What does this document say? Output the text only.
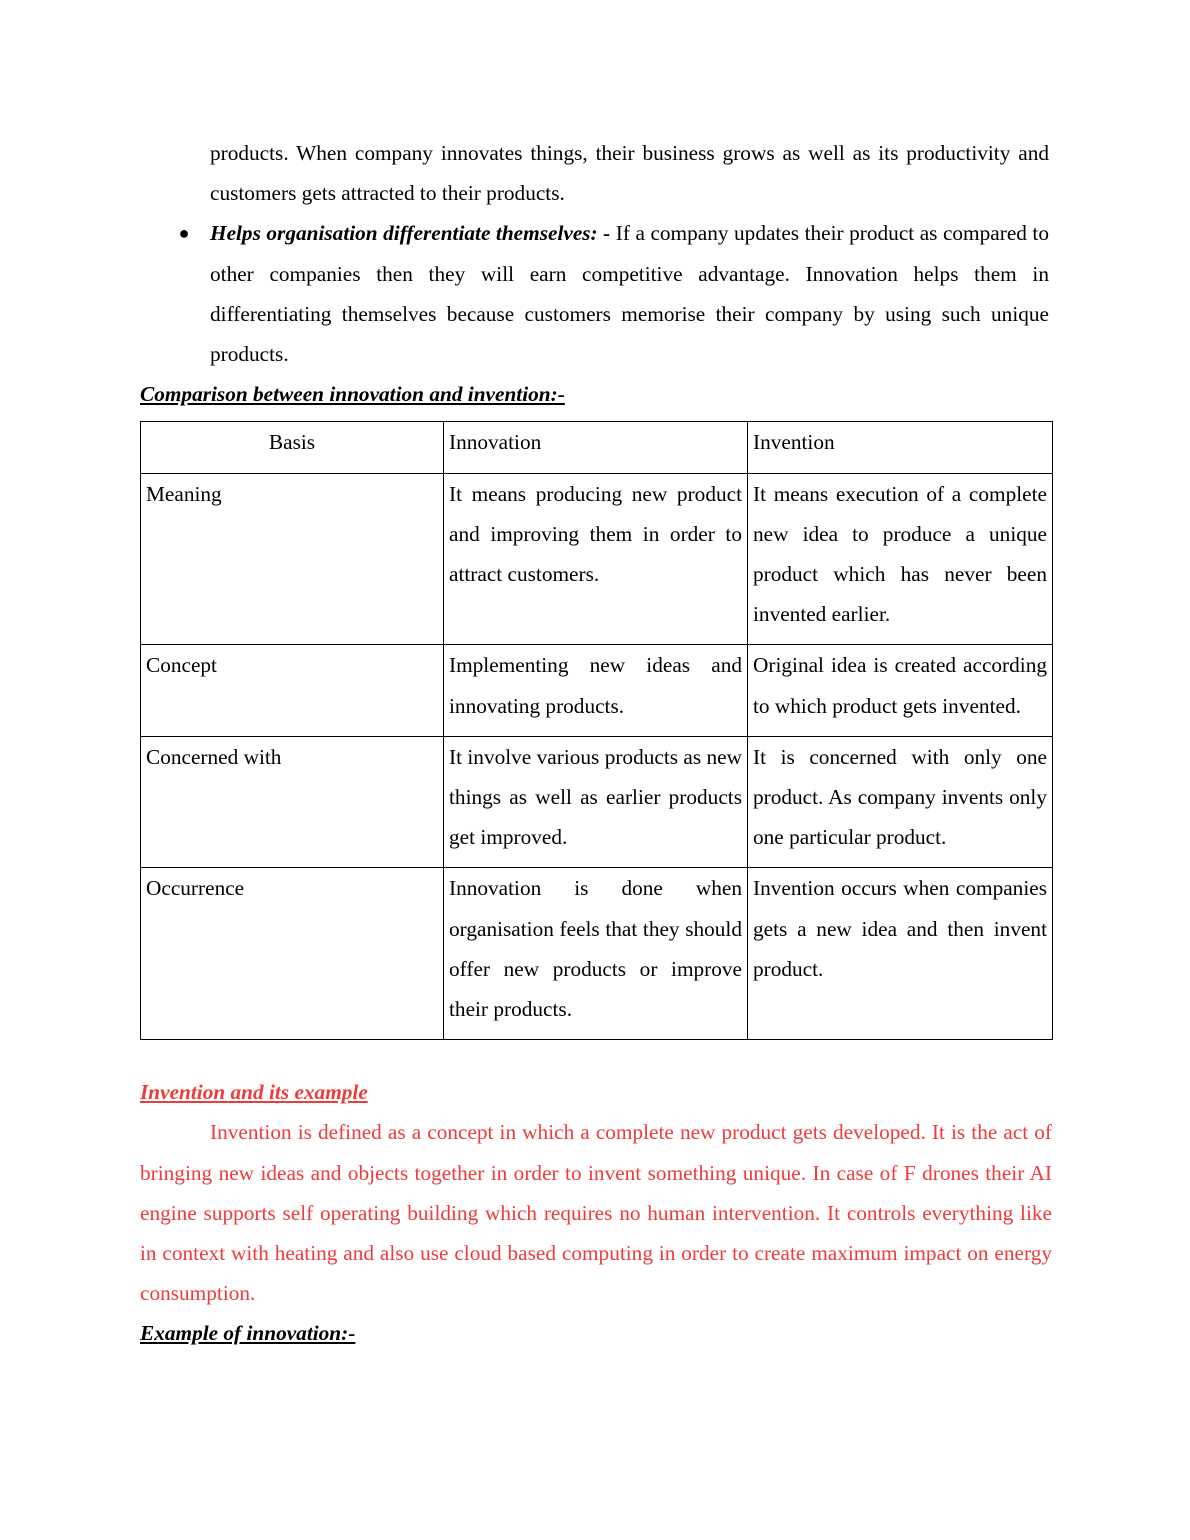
products. When company innovates things, their business grows as well as its productivity and customers gets attracted to their products.

● Helps organisation differentiate themselves: - If a company updates their product as compared to other companies then they will earn competitive advantage. Innovation helps them in differentiating themselves because customers memorise their company by using such unique products.

Comparison between innovation and invention:-

Basis	Innovation	Invention
Meaning	It means producing new product and improving them in order to attract customers.	It means execution of a complete new idea to produce a unique product which has never been invented earlier.
Concept	Implementing new ideas and innovating products.	Original idea is created according to which product gets invented.
Concerned with	It involve various products as new things as well as earlier products get improved.	It is concerned with only one product. As company invents only one particular product.
Occurrence	Innovation is done when organisation feels that they should offer new products or improve their products.	Invention occurs when companies gets a new idea and then invent product.

Invention and its example

Invention is defined as a concept in which a complete new product gets developed. It is the act of bringing new ideas and objects together in order to invent something unique. In case of F drones their AI engine supports self operating building which requires no human intervention. It controls everything like in context with heating and also use cloud based computing in order to create maximum impact on energy consumption.

Example of innovation:-
